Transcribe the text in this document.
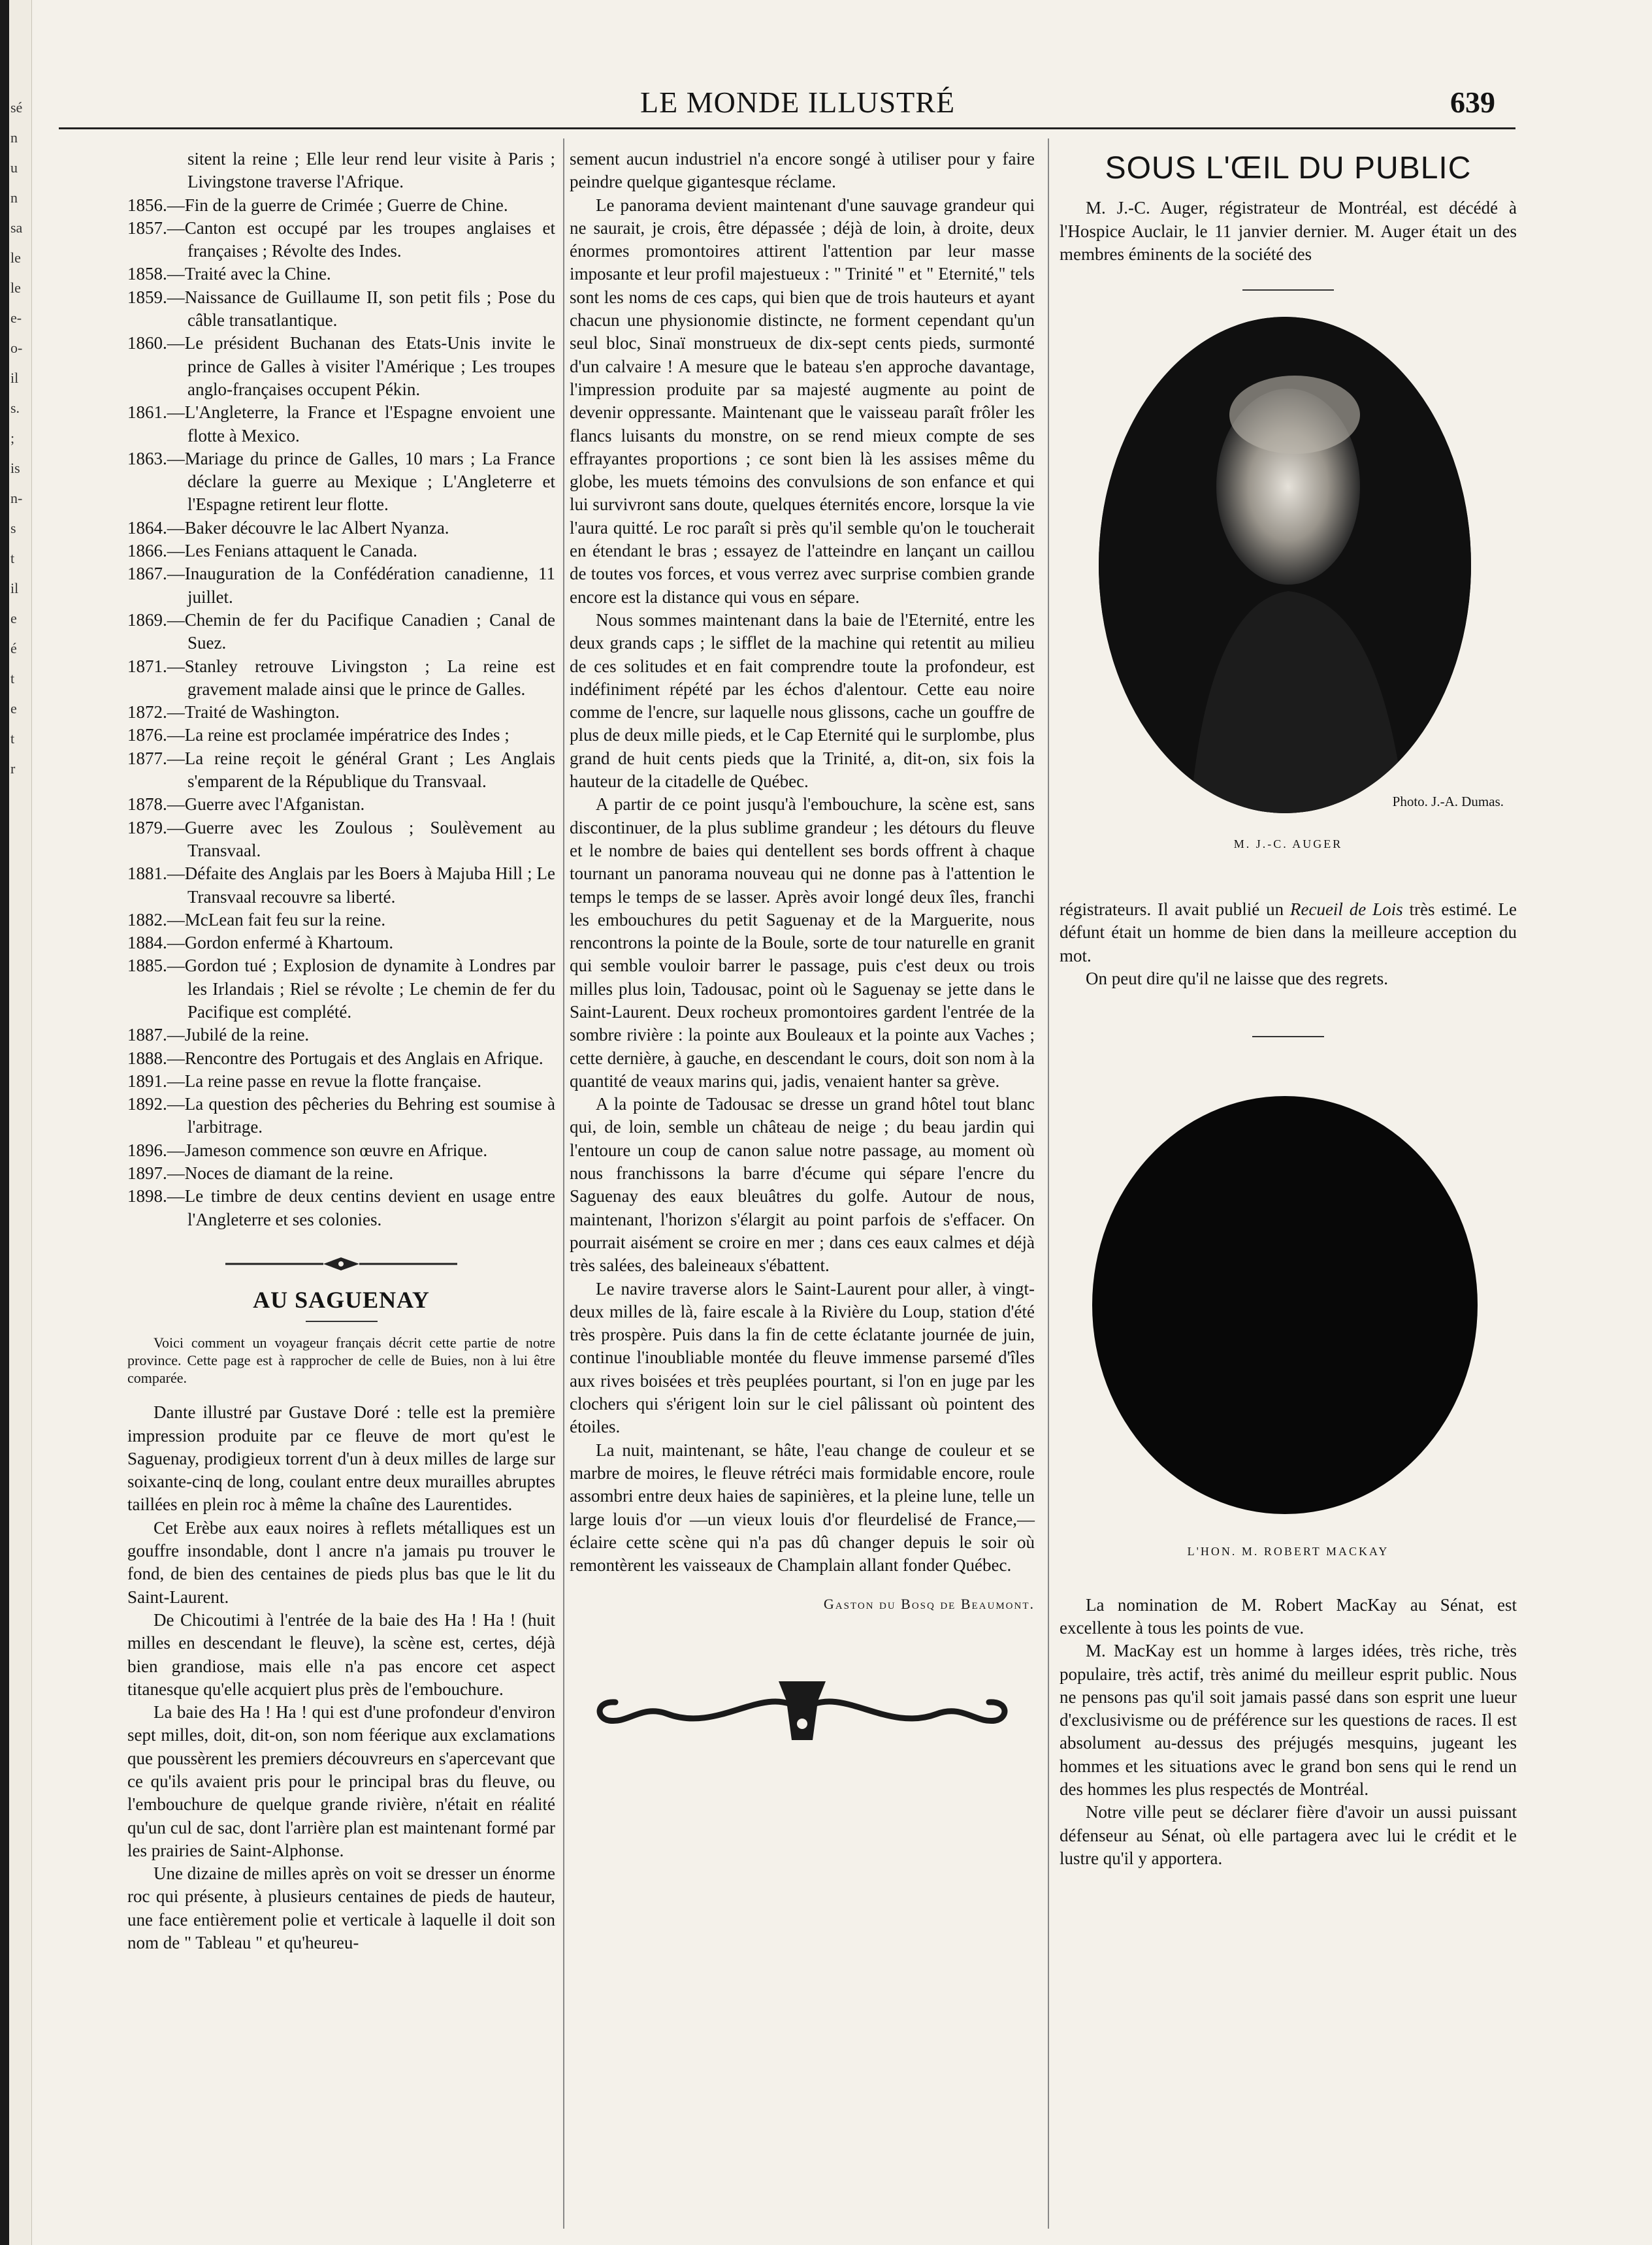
sé
n
u
n
sa
le
le
e-
o-
il
s.
;
is
n-
s
t
il
e
é
t
e
t
r
LE MONDE ILLUSTRÉ	639

sitent la reine ; Elle leur rend leur visite à Paris ; Livingstone traverse l'Afrique.

1856.—Fin de la guerre de Crimée ; Guerre de Chine.

1857.—Canton est occupé par les troupes anglaises et françaises ; Révolte des Indes.

1858.—Traité avec la Chine.

1859.—Naissance de Guillaume II, son petit fils ; Pose du câble transatlantique.

1860.—Le président Buchanan des Etats-Unis invite le prince de Galles à visiter l'Amérique ; Les troupes anglo-françaises occupent Pékin.

1861.—L'Angleterre, la France et l'Espagne envoient une flotte à Mexico.

1863.—Mariage du prince de Galles, 10 mars ; La France déclare la guerre au Mexique ; L'Angleterre et l'Espagne retirent leur flotte.

1864.—Baker découvre le lac Albert Nyanza.

1866.—Les Fenians attaquent le Canada.

1867.—Inauguration de la Confédération canadienne, 11 juillet.

1869.—Chemin de fer du Pacifique Canadien ; Canal de Suez.

1871.—Stanley retrouve Livingston ; La reine est gravement malade ainsi que le prince de Galles.

1872.—Traité de Washington.

1876.—La reine est proclamée impératrice des Indes ;

1877.—La reine reçoit le général Grant ; Les Anglais s'emparent de la République du Transvaal.

1878.—Guerre avec l'Afganistan.

1879.—Guerre avec les Zoulous ; Soulèvement au Transvaal.

1881.—Défaite des Anglais par les Boers à Majuba Hill ; Le Transvaal recouvre sa liberté.

1882.—McLean fait feu sur la reine.

1884.—Gordon enfermé à Khartoum.

1885.—Gordon tué ; Explosion de dynamite à Londres par les Irlandais ; Riel se révolte ; Le chemin de fer du Pacifique est complété.

1887.—Jubilé de la reine.

1888.—Rencontre des Portugais et des Anglais en Afrique.

1891.—La reine passe en revue la flotte française.

1892.—La question des pêcheries du Behring est soumise à l'arbitrage.

1896.—Jameson commence son œuvre en Afrique.

1897.—Noces de diamant de la reine.

1898.—Le timbre de deux centins devient en usage entre l'Angleterre et ses colonies.

AU SAGUENAY

Voici comment un voyageur français décrit cette partie de notre province. Cette page est à rapprocher de celle de Buies, non à lui être comparée.

Dante illustré par Gustave Doré : telle est la première impression produite par ce fleuve de mort qu'est le Saguenay, prodigieux torrent d'un à deux milles de large sur soixante-cinq de long, coulant entre deux murailles abruptes taillées en plein roc à même la chaîne des Laurentides.

Cet Erèbe aux eaux noires à reflets métalliques est un gouffre insondable, dont l ancre n'a jamais pu trouver le fond, de bien des centaines de pieds plus bas que le lit du Saint-Laurent.

De Chicoutimi à l'entrée de la baie des Ha ! Ha ! (huit milles en descendant le fleuve), la scène est, certes, déjà bien grandiose, mais elle n'a pas encore cet aspect titanesque qu'elle acquiert plus près de l'embouchure.

La baie des Ha ! Ha ! qui est d'une profondeur d'environ sept milles, doit, dit-on, son nom féerique aux exclamations que poussèrent les premiers découvreurs en s'apercevant que ce qu'ils avaient pris pour le principal bras du fleuve, ou l'embouchure de quelque grande rivière, n'était en réalité qu'un cul de sac, dont l'arrière plan est maintenant formé par les prairies de Saint-Alphonse.

Une dizaine de milles après on voit se dresser un énorme roc qui présente, à plusieurs centaines de pieds de hauteur, une face entièrement polie et verticale à laquelle il doit son nom de " Tableau " et qu'heureu-

sement aucun industriel n'a encore songé à utiliser pour y faire peindre quelque gigantesque réclame.

Le panorama devient maintenant d'une sauvage grandeur qui ne saurait, je crois, être dépassée ; déjà de loin, à droite, deux énormes promontoires attirent l'attention par leur masse imposante et leur profil majestueux : " Trinité " et " Eternité," tels sont les noms de ces caps, qui bien que de trois hauteurs et ayant chacun une physionomie distincte, ne forment cependant qu'un seul bloc, Sinaï monstrueux de dix-sept cents pieds, surmonté d'un calvaire ! A mesure que le bateau s'en approche davantage, l'impression produite par sa majesté augmente au point de devenir oppressante. Maintenant que le vaisseau paraît frôler les flancs luisants du monstre, on se rend mieux compte de ses effrayantes proportions ; ce sont bien là les assises même du globe, les muets témoins des convulsions de son enfance et qui lui survivront sans doute, quelques éternités encore, lorsque la vie l'aura quitté. Le roc paraît si près qu'il semble qu'on le toucherait en étendant le bras ; essayez de l'atteindre en lançant un caillou de toutes vos forces, et vous verrez avec surprise combien grande encore est la distance qui vous en sépare.

Nous sommes maintenant dans la baie de l'Eternité, entre les deux grands caps ; le sifflet de la machine qui retentit au milieu de ces solitudes et en fait comprendre toute la profondeur, est indéfiniment répété par les échos d'alentour. Cette eau noire comme de l'encre, sur laquelle nous glissons, cache un gouffre de plus de deux mille pieds, et le Cap Eternité qui le surplombe, plus grand de huit cents pieds que la Trinité, a, dit-on, six fois la hauteur de la citadelle de Québec.

A partir de ce point jusqu'à l'embouchure, la scène est, sans discontinuer, de la plus sublime grandeur ; les détours du fleuve et le nombre de baies qui dentellent ses bords offrent à chaque tournant un panorama nouveau qui ne donne pas à l'attention le temps le temps de se lasser. Après avoir longé deux îles, franchi les embouchures du petit Saguenay et de la Marguerite, nous rencontrons la pointe de la Boule, sorte de tour naturelle en granit qui semble vouloir barrer le passage, puis c'est deux ou trois milles plus loin, Tadousac, point où le Saguenay se jette dans le Saint-Laurent. Deux rocheux promontoires gardent l'entrée de la sombre rivière : la pointe aux Bouleaux et la pointe aux Vaches ; cette dernière, à gauche, en descendant le cours, doit son nom à la quantité de veaux marins qui, jadis, venaient hanter sa grève.

A la pointe de Tadousac se dresse un grand hôtel tout blanc qui, de loin, semble un château de neige ; du beau jardin qui l'entoure un coup de canon salue notre passage, au moment où nous franchissons la barre d'écume qui sépare l'encre du Saguenay des eaux bleuâtres du golfe. Autour de nous, maintenant, l'horizon s'élargit au point parfois de s'effacer. On pourrait aisément se croire en mer ; dans ces eaux calmes et déjà très salées, des baleineaux s'ébattent.

Le navire traverse alors le Saint-Laurent pour aller, à vingt-deux milles de là, faire escale à la Rivière du Loup, station d'été très prospère. Puis dans la fin de cette éclatante journée de juin, continue l'inoubliable montée du fleuve immense parsemé d'îles aux rives boisées et très peuplées pourtant, si l'on en juge par les clochers qui s'érigent loin sur le ciel pâlissant où pointent des étoiles.

La nuit, maintenant, se hâte, l'eau change de couleur et se marbre de moires, le fleuve rétréci mais formidable encore, roule assombri entre deux haies de sapinières, et la pleine lune, telle un large louis d'or —un vieux louis d'or fleurdelisé de France,—éclaire cette scène qui n'a pas dû changer depuis le soir où remontèrent les vaisseaux de Champlain allant fonder Québec.

Gaston du Bosq de Beaumont.

SOUS L'ŒIL DU PUBLIC

M. J.-C. Auger, régistrateur de Montréal, est décédé à l'Hospice Auclair, le 11 janvier dernier. M. Auger était un des membres éminents de la société des

Photo. J.-A. Dumas.
M. J.-C. AUGER

régistrateurs. Il avait publié un Recueil de Lois très estimé. Le défunt était un homme de bien dans la meilleure acception du mot.

On peut dire qu'il ne laisse que des regrets.

L'HON. M. ROBERT MACKAY

La nomination de M. Robert MacKay au Sénat, est excellente à tous les points de vue.

M. MacKay est un homme à larges idées, très riche, très populaire, très actif, très animé du meilleur esprit public. Nous ne pensons pas qu'il soit jamais passé dans son esprit une lueur d'exclusivisme ou de préférence sur les questions de races. Il est absolument au-dessus des préjugés mesquins, jugeant les hommes et les situations avec le grand bon sens qui le rend un des hommes les plus respectés de Montréal.

Notre ville peut se déclarer fière d'avoir un aussi puissant défenseur au Sénat, où elle partagera avec lui le crédit et le lustre qu'il y apportera.
